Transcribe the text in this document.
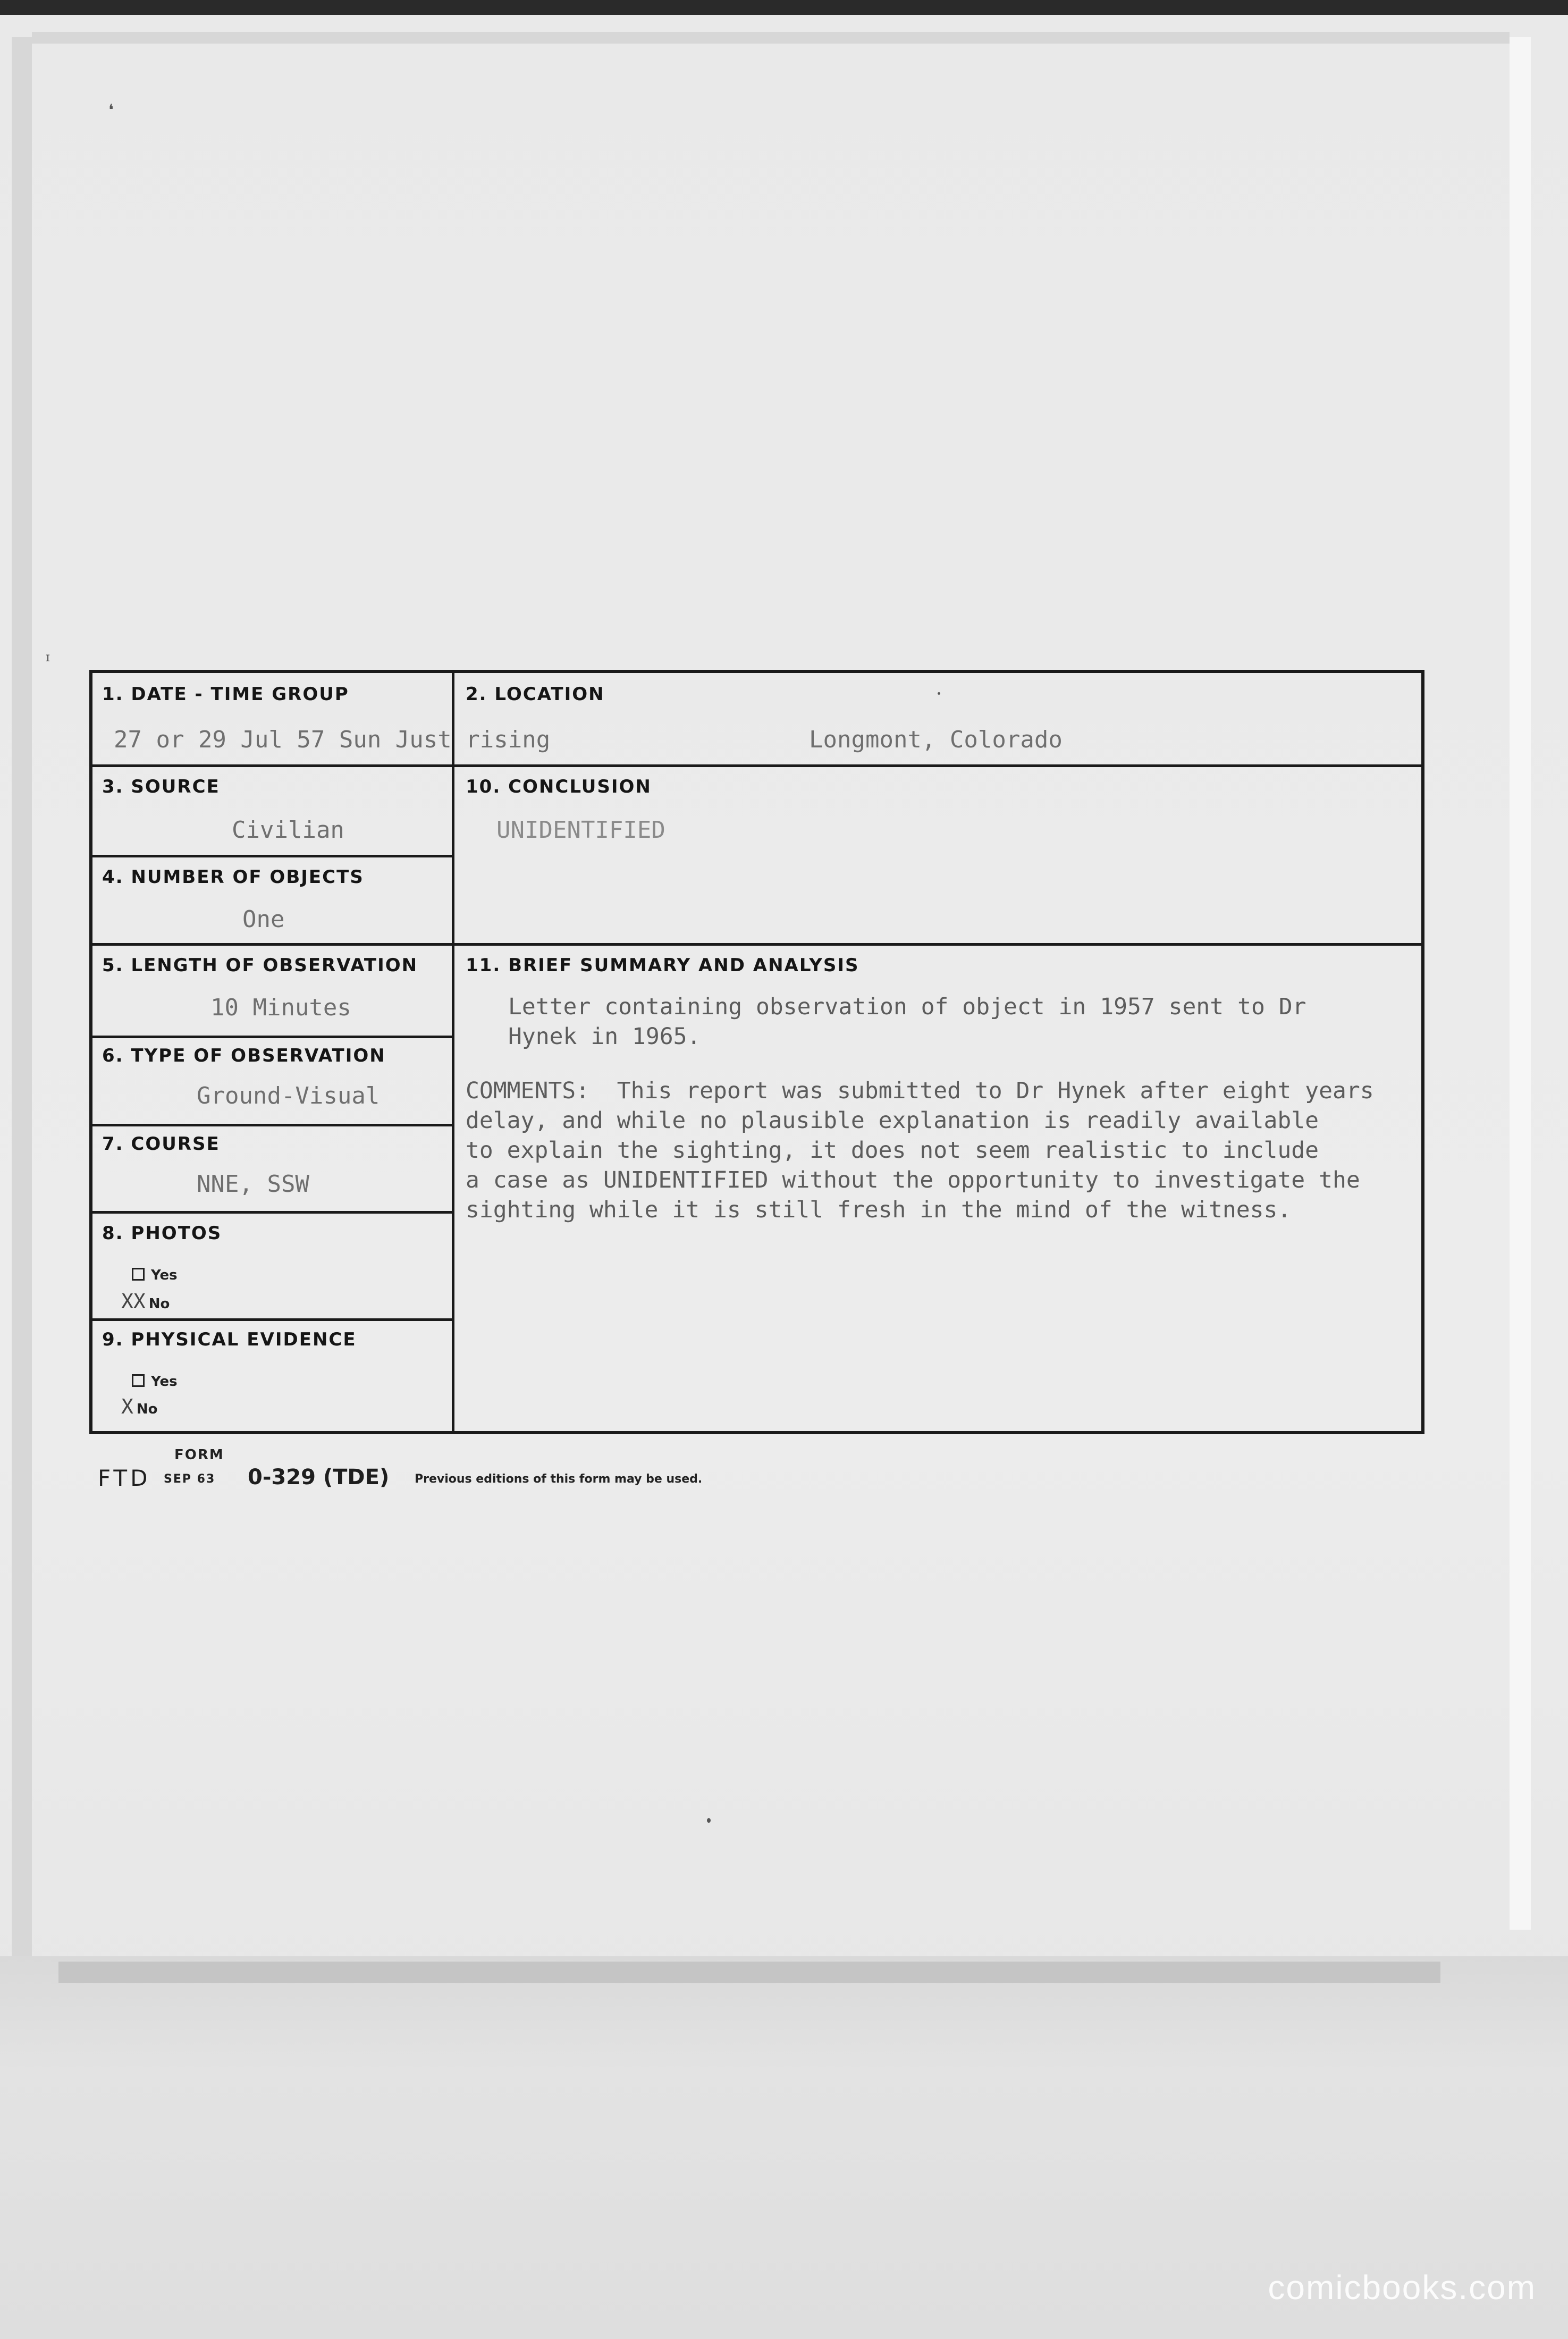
❛
ɪ
1. DATE - TIME GROUP
27 or 29 Jul 57 Sun Just rising
2. LOCATION
Longmont, Colorado
3. SOURCE
Civilian
10. CONCLUSION
UNIDENTIFIED
4. NUMBER OF OBJECTS
One
5. LENGTH OF OBSERVATION
10 Minutes
11. BRIEF SUMMARY AND ANALYSIS
Letter containing observation of object in 1957 sent to Dr
Hynek in 1965.
COMMENTS:  This report was submitted to Dr Hynek after eight years
delay, and while no plausible explanation is readily available
to explain the sighting, it does not seem realistic to include
a case as UNIDENTIFIED without the opportunity to investigate the
sighting while it is still fresh in the mind of the witness.
6. TYPE OF OBSERVATION
Ground-Visual
7. COURSE
NNE, SSW
8. PHOTOS
Yes
XX No
9. PHYSICAL EVIDENCE
Yes
X No
FORM
FTD SEP 63 0-329 (TDE) Previous editions of this form may be used.
comicbooks.com
